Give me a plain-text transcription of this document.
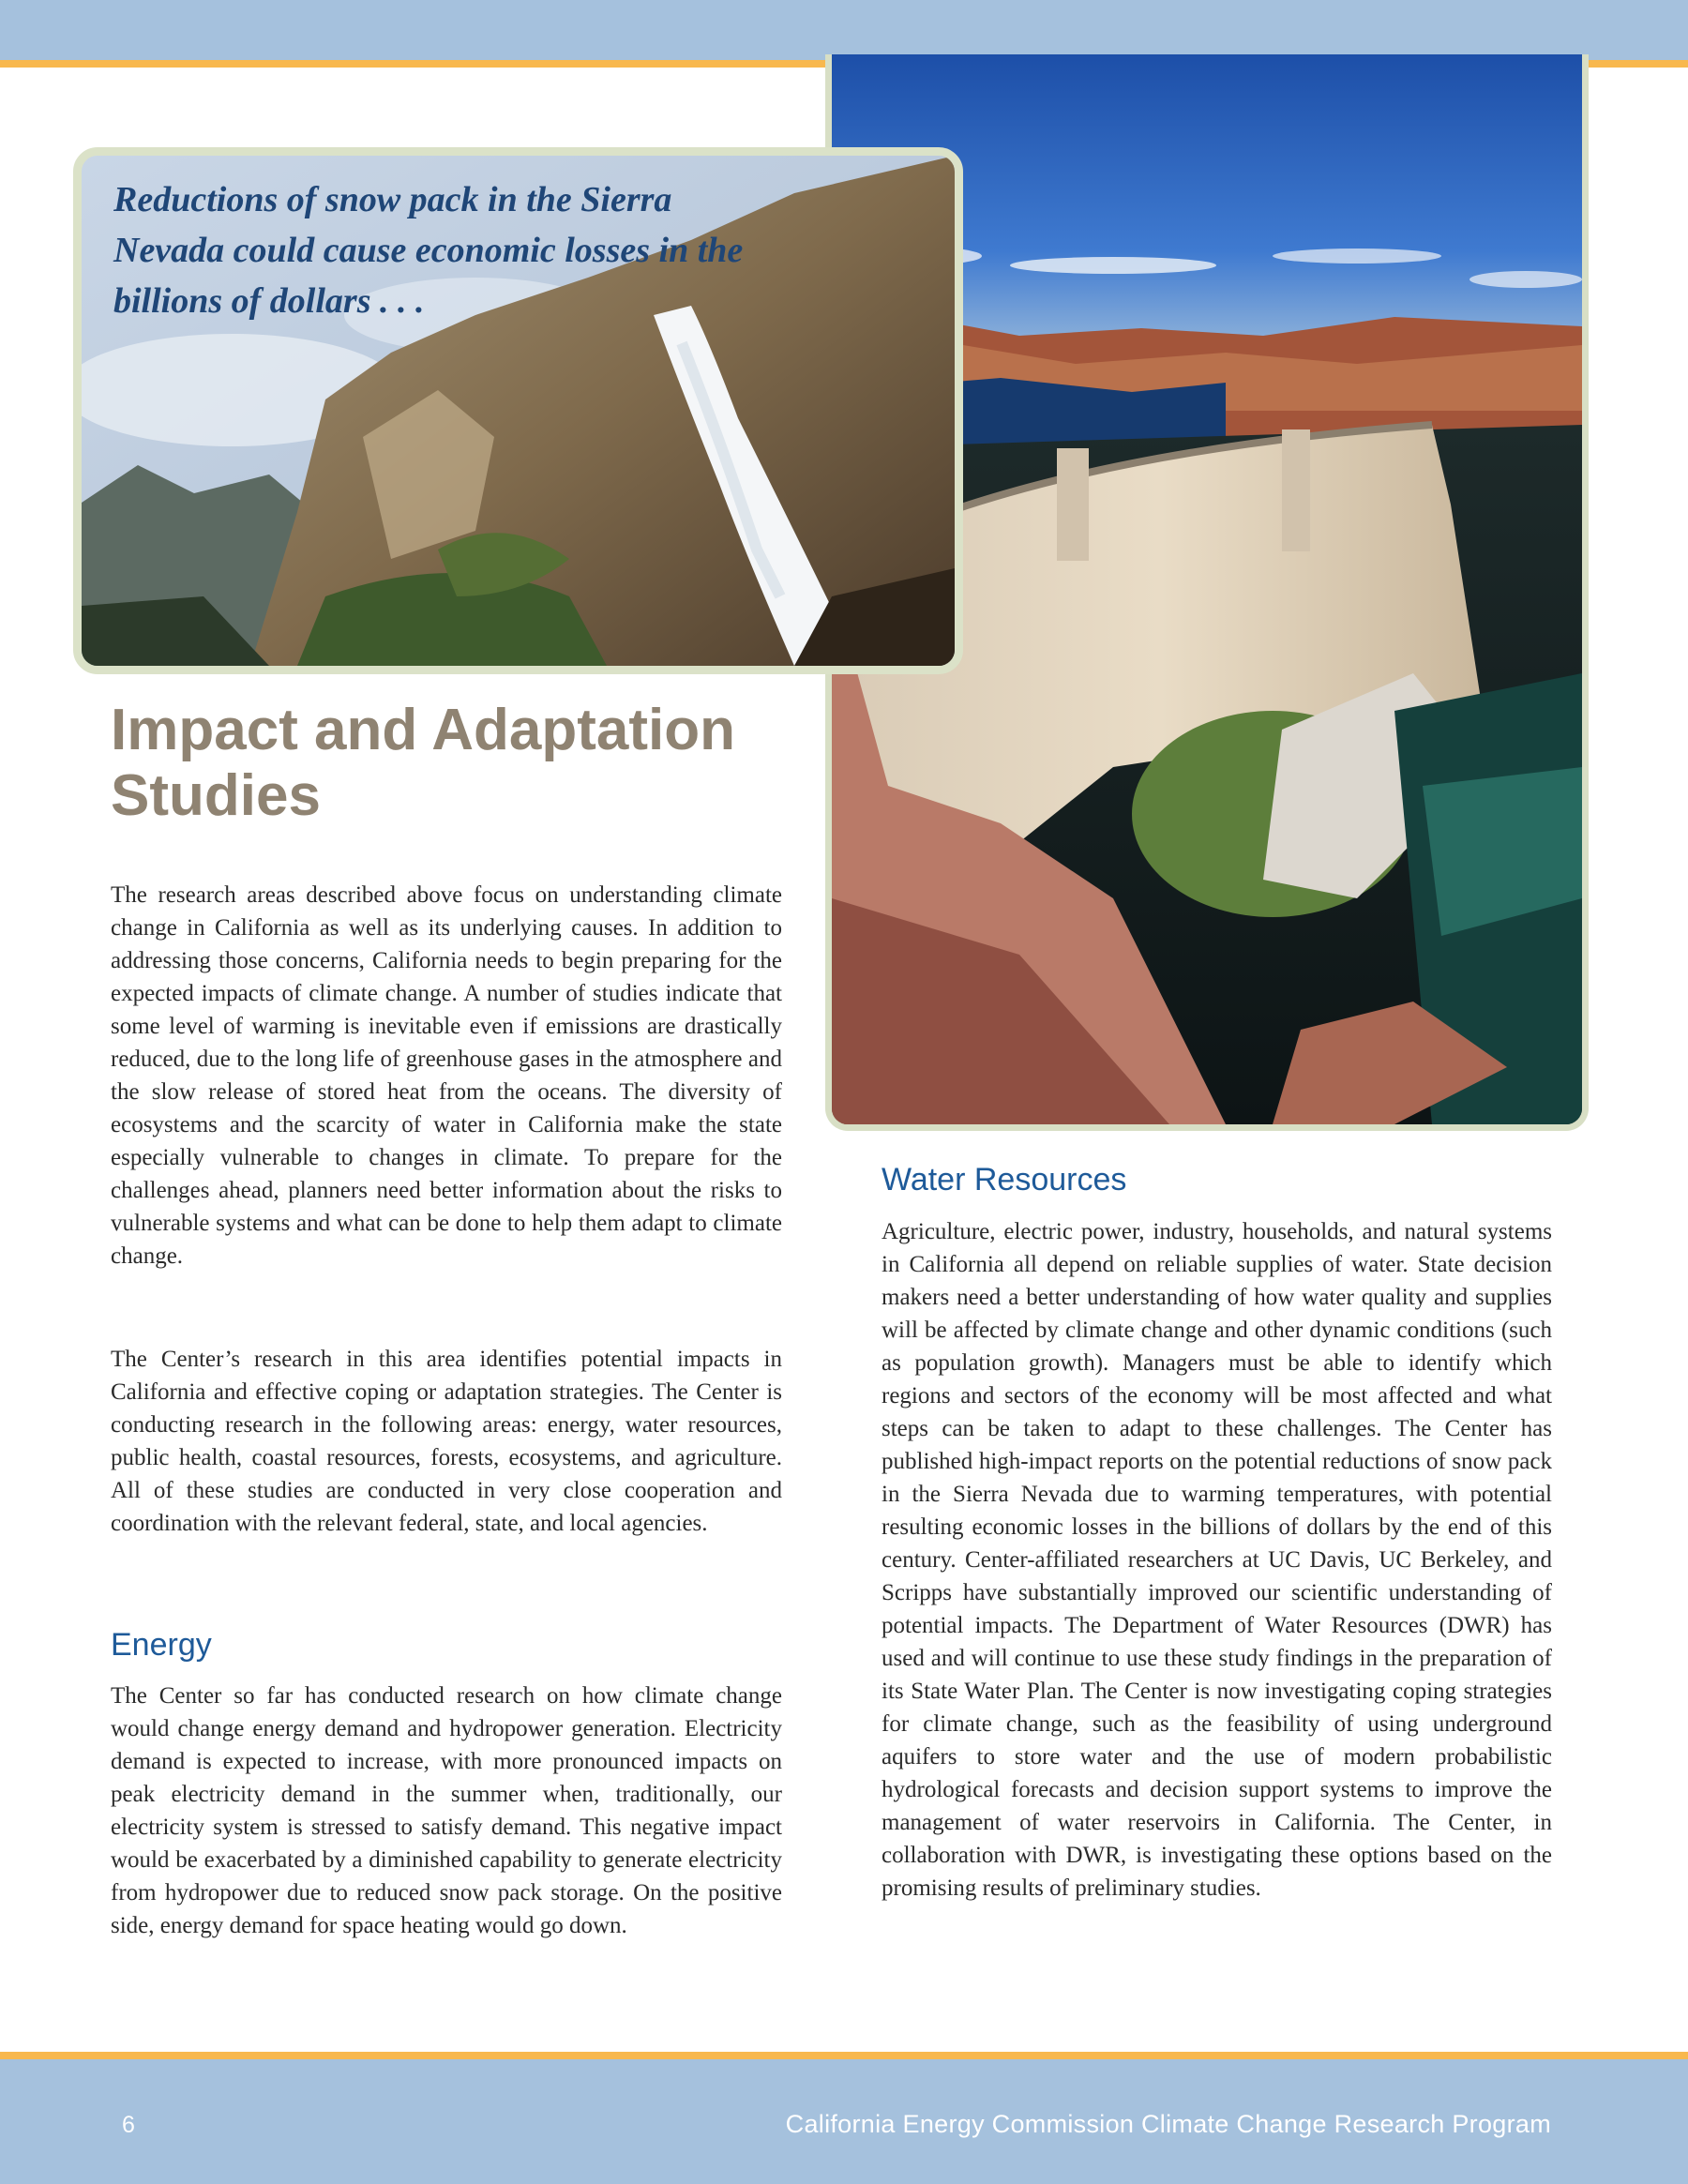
Reductions of snow pack in the Sierra Nevada could cause economic losses in the billions of dollars . . .
Impact and Adaptation Studies

The research areas described above focus on understanding climate change in California as well as its underlying causes. In addition to addressing those concerns, California needs to begin preparing for the expected impacts of climate change. A number of studies indicate that some level of warming is inevitable even if emissions are drastically reduced, due to the long life of greenhouse gases in the atmosphere and the slow release of stored heat from the oceans. The diversity of ecosystems and the scarcity of water in California make the state especially vulnerable to changes in climate. To prepare for the challenges ahead, planners need better information about the risks to vulnerable systems and what can be done to help them adapt to climate change.

The Center’s research in this area identifies potential impacts in California and effective coping or adaptation strategies. The Center is conducting research in the following areas: energy, water resources, public health, coastal resources, forests, ecosystems, and agriculture. All of these studies are conducted in very close cooperation and coordination with the relevant federal, state, and local agencies.

Energy

The Center so far has conducted research on how climate change would change energy demand and hydropower generation. Electricity demand is expected to increase, with more pronounced impacts on peak electricity demand in the summer when, traditionally, our electricity system is stressed to satisfy demand. This negative impact would be exacerbated by a diminished capability to generate electricity from hydropower due to reduced snow pack storage. On the positive side, energy demand for space heating would go down.

Water Resources

Agriculture, electric power, industry, households, and natural systems in California all depend on reliable supplies of water. State decision makers need a better understanding of how water quality and supplies will be affected by climate change and other dynamic conditions (such as population growth). Managers must be able to identify which regions and sectors of the economy will be most affected and what steps can be taken to adapt to these challenges. The Center has published high-impact reports on the potential reductions of snow pack in the Sierra Nevada due to warming temperatures, with potential resulting economic losses in the billions of dollars by the end of this century. Center-affiliated researchers at UC Davis, UC Berkeley, and Scripps have substantially improved our scientific understanding of potential impacts. The Department of Water Resources (DWR) has used and will continue to use these study findings in the preparation of its State Water Plan. The Center is now investigating coping strategies for climate change, such as the feasibility of using underground aquifers to store water and the use of modern probabilistic hydrological forecasts and decision support systems to improve the management of water reservoirs in California. The Center, in collaboration with DWR, is investigating these options based on the promising results of preliminary studies.

6	California Energy Commission Climate Change Research Program
